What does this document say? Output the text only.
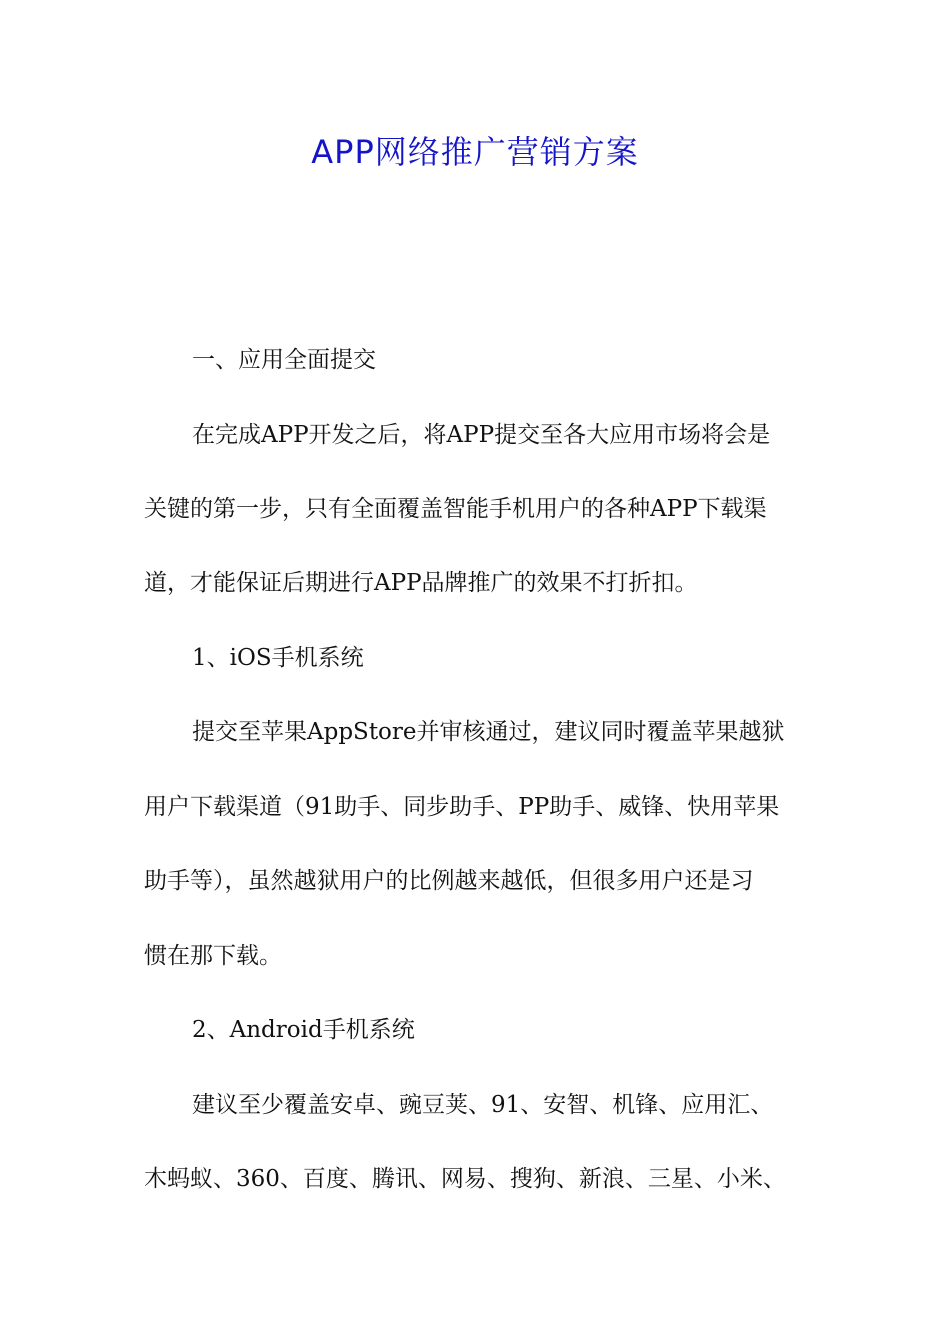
APP网络推广营销方案
一、应用全面提交
在完成APP开发之后，将APP提交至各大应用市场将会是
关键的第一步，只有全面覆盖智能手机用户的各种APP下载渠
道，才能保证后期进行APP品牌推广的效果不打折扣。
1、iOS手机系统
提交至苹果AppStore并审核通过，建议同时覆盖苹果越狱
用户下载渠道（91助手、同步助手、PP助手、威锋、快用苹果
助手等），虽然越狱用户的比例越来越低，但很多用户还是习
惯在那下载。
2、Android手机系统
建议至少覆盖安卓、豌豆荚、91、安智、机锋、应用汇、
木蚂蚁、360、百度、腾讯、网易、搜狗、新浪、三星、小米、
